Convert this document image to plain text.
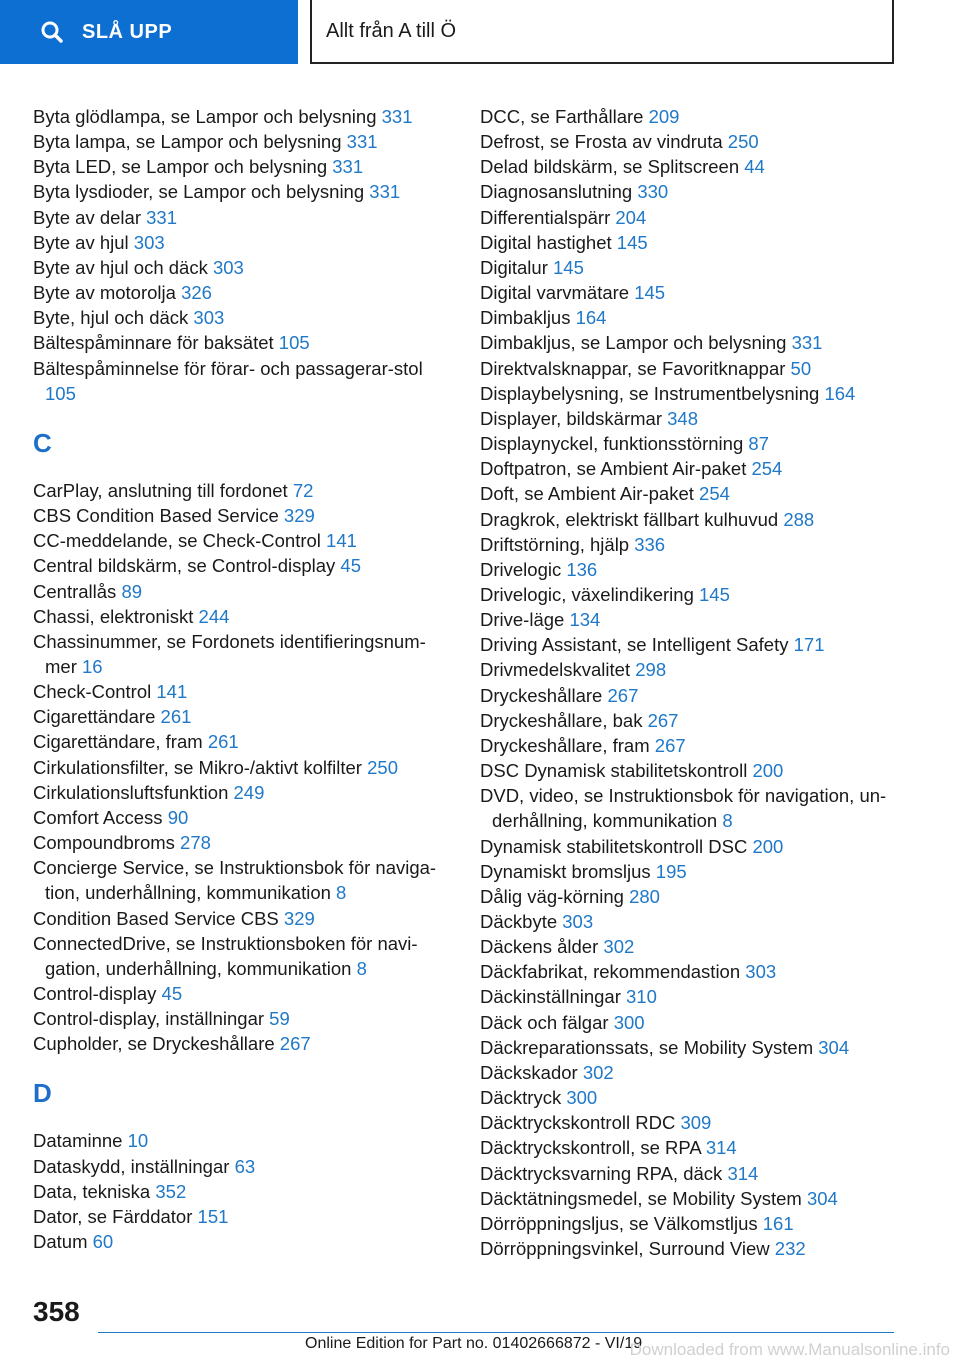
SLÅ UPP	Allt från A till Ö
Byta glödlampa, se Lampor och belysning 331
Byta lampa, se Lampor och belysning 331
Byta LED, se Lampor och belysning 331
Byta lysdioder, se Lampor och belysning 331
Byte av delar 331
Byte av hjul 303
Byte av hjul och däck 303
Byte av motorolja 326
Byte, hjul och däck 303
Bältespåminnare för baksätet 105
Bältespåminnelse för förar- och passagerar-stol 105
C
CarPlay, anslutning till fordonet 72
CBS Condition Based Service 329
CC-meddelande, se Check-Control 141
Central bildskärm, se Control-display 45
Centrallås 89
Chassi, elektroniskt 244
Chassinummer, se Fordonets identifieringsnum-mer 16
Check-Control 141
Cigarettändare 261
Cigarettändare, fram 261
Cirkulationsfilter, se Mikro-/aktivt kolfilter 250
Cirkulationsluftsfunktion 249
Comfort Access 90
Compoundbroms 278
Concierge Service, se Instruktionsbok för naviga-tion, underhållning, kommunikation 8
Condition Based Service CBS 329
ConnectedDrive, se Instruktionsboken för navi-gation, underhållning, kommunikation 8
Control-display 45
Control-display, inställningar 59
Cupholder, se Dryckeshållare 267
D
Dataminne 10
Dataskydd, inställningar 63
Data, tekniska 352
Dator, se Färddator 151
Datum 60
DCC, se Farthållare 209
Defrost, se Frosta av vindruta 250
Delad bildskärm, se Splitscreen 44
Diagnosanslutning 330
Differentialspärr 204
Digital hastighet 145
Digitalur 145
Digital varvmätare 145
Dimbakljus 164
Dimbakljus, se Lampor och belysning 331
Direktvalsknappar, se Favoritknappar 50
Displaybelysning, se Instrumentbelysning 164
Displayer, bildskärmar 348
Displaynyckel, funktionsstörning 87
Doftpatron, se Ambient Air-paket 254
Doft, se Ambient Air-paket 254
Dragkrok, elektriskt fällbart kulhuvud 288
Driftstörning, hjälp 336
Drivelogic 136
Drivelogic, växelindikering 145
Drive-läge 134
Driving Assistant, se Intelligent Safety 171
Drivmedelskvalitet 298
Dryckeshållare 267
Dryckeshållare, bak 267
Dryckeshållare, fram 267
DSC Dynamisk stabilitetskontroll 200
DVD, video, se Instruktionsbok för navigation, un-derhållning, kommunikation 8
Dynamisk stabilitetskontroll DSC 200
Dynamiskt bromsljus 195
Dålig väg-körning 280
Däckbyte 303
Däckens ålder 302
Däckfabrikat, rekommendastion 303
Däckinställningar 310
Däck och fälgar 300
Däckreparationssats, se Mobility System 304
Däckskador 302
Däcktryck 300
Däcktryckskontroll RDC 309
Däcktryckskontroll, se RPA 314
Däcktrycksvarning RPA, däck 314
Däcktätningsmedel, se Mobility System 304
Dörröppningsljus, se Välkomstljus 161
Dörröppningsvinkel, Surround View 232
358
Online Edition for Part no. 01402666872 - VI/19
Downloaded from www.Manualsonline.info
